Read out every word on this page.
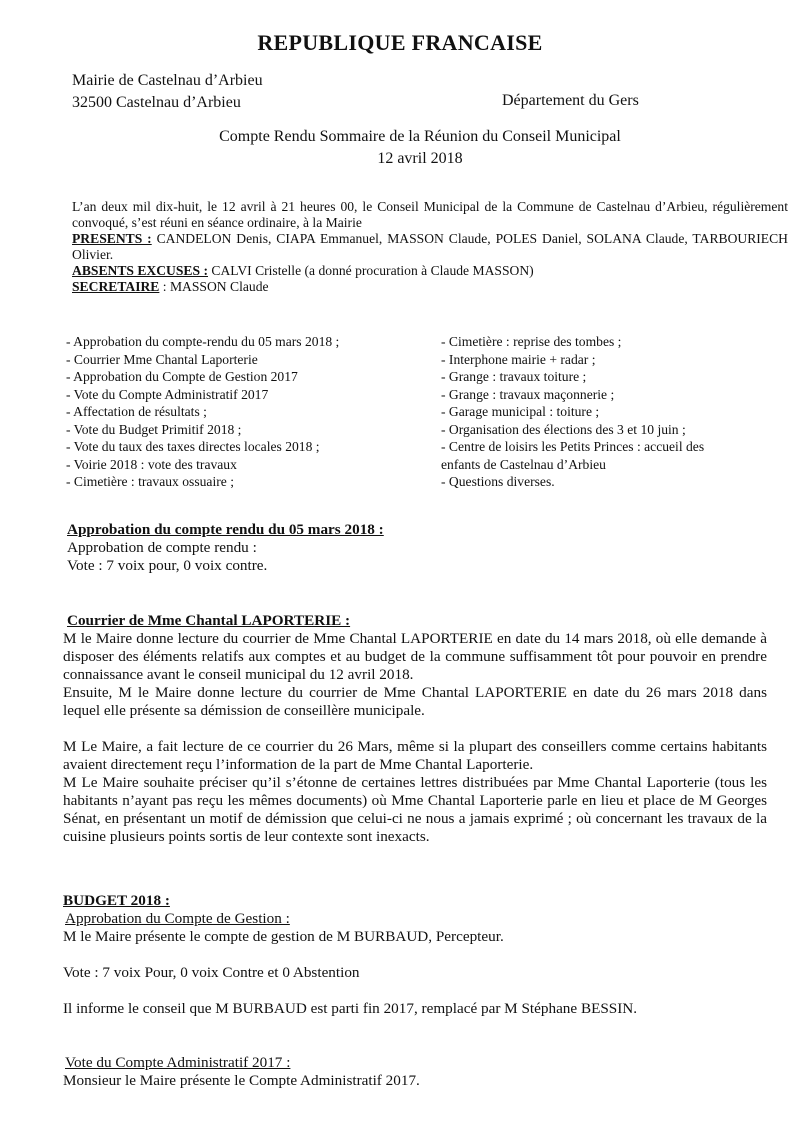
REPUBLIQUE FRANCAISE
Mairie de Castelnau d’Arbieu
32500 Castelnau d’Arbieu	Département du Gers
Compte Rendu Sommaire de la Réunion du Conseil Municipal
12 avril 2018
L’an deux mil dix-huit, le 12 avril à 21 heures 00, le Conseil Municipal de la Commune de Castelnau d’Arbieu, régulièrement convoqué, s’est réuni en séance ordinaire, à la Mairie
PRESENTS : CANDELON Denis, CIAPA Emmanuel, MASSON Claude, POLES Daniel, SOLANA Claude, TARBOURIECH Olivier.
ABSENTS EXCUSES : CALVI Cristelle (a donné procuration à Claude MASSON)
SECRETAIRE : MASSON Claude
- Approbation du compte-rendu du 05 mars 2018 ;
- Courrier Mme Chantal Laporterie
- Approbation du Compte de Gestion 2017
- Vote du Compte Administratif 2017
- Affectation de résultats ;
- Vote du Budget Primitif 2018 ;
- Vote du taux des taxes directes locales 2018 ;
- Voirie 2018 : vote des travaux
- Cimetière : travaux ossuaire ;
- Cimetière : reprise des tombes ;
- Interphone mairie + radar ;
- Grange : travaux toiture ;
- Grange : travaux maçonnerie ;
- Garage municipal : toiture ;
- Organisation des élections des 3 et 10 juin ;
- Centre de loisirs les Petits Princes : accueil des
enfants de Castelnau d’Arbieu
- Questions diverses.
Approbation du compte rendu du 05 mars 2018 :
Approbation de compte rendu :
Vote : 7 voix pour, 0 voix contre.
Courrier de Mme Chantal LAPORTERIE :
M le Maire donne lecture du courrier de Mme Chantal LAPORTERIE en date du 14 mars 2018, où elle demande à disposer des éléments relatifs aux comptes et au budget de la commune suffisamment tôt pour pouvoir en prendre connaissance avant le conseil municipal du 12 avril 2018.
Ensuite, M le Maire donne lecture du courrier de Mme Chantal LAPORTERIE en date du 26 mars 2018 dans lequel elle présente sa démission de conseillère municipale.
M Le Maire, a fait lecture de ce courrier du 26 Mars, même si la plupart des conseillers comme certains habitants avaient directement reçu l’information de la part de Mme Chantal Laporterie.
M Le Maire souhaite préciser qu’il s’étonne de certaines lettres distribuées par Mme Chantal Laporterie (tous les habitants n’ayant pas reçu les mêmes documents) où Mme Chantal Laporterie parle en lieu et place de M Georges Sénat, en présentant un motif de démission que celui-ci ne nous a jamais exprimé ; où concernant les travaux de la cuisine plusieurs points sortis de leur contexte sont inexacts.
BUDGET 2018 :
Approbation du Compte de Gestion :
M le Maire présente le compte de gestion de M BURBAUD, Percepteur.
Vote : 7 voix Pour, 0 voix Contre et 0 Abstention
Il informe le conseil que M BURBAUD est parti fin 2017, remplacé par M Stéphane BESSIN.
Vote du Compte Administratif 2017 :
Monsieur le Maire présente le Compte Administratif 2017.
